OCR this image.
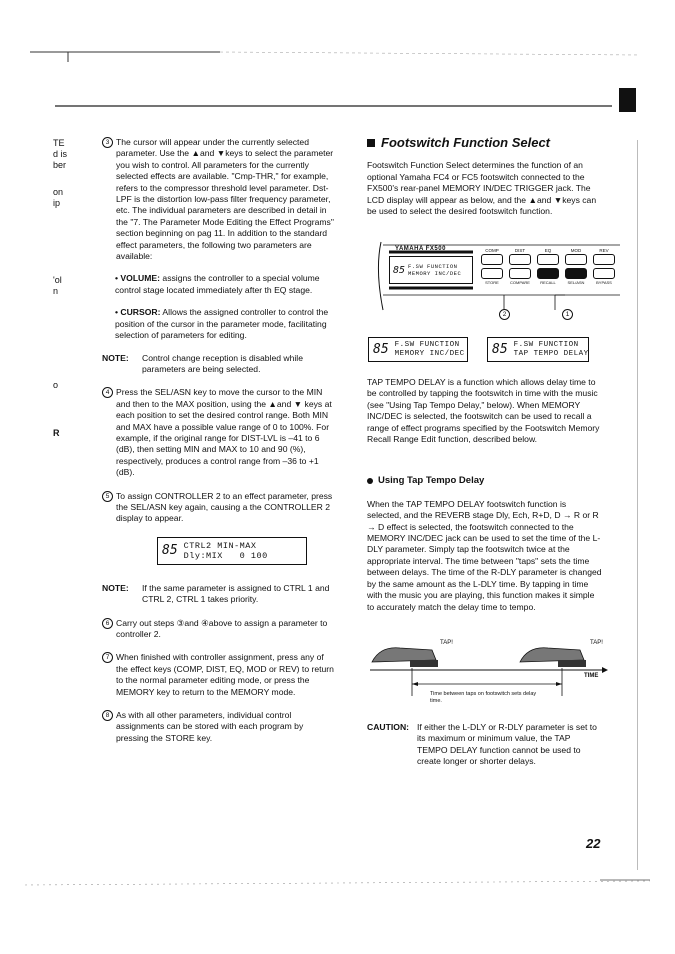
TE
d is
ber
on
ip
'ol
n
o
R
3 The cursor will appear under the currently selected parameter. Use the ▲and ▼keys to select the parameter you wish to control. All parameters for the currently selected effects are available. "Cmp-THR," for example, refers to the compressor threshold level parameter. Dst-LPF is the distortion low-pass filter frequency parameter, etc. The individual parameters are described in detail in the "7. The Parameter Mode Editing the Effect Programs" section beginning on pag 11. In addition to the standard effect parameters, the following two parameters are available:

• VOLUME: assigns the controller to a special volume control stage located immediately after th EQ stage.
• CURSOR: Allows the assigned controller to control the position of the cursor in the parameter mode, facilitating selection of parameters for editing.
NOTE:	Control change reception is disabled while parameters are being selected.
4 Press the SEL/ASN key to move the cursor to the MIN and then to the MAX position, using the ▲and ▼ keys at each position to set the desired control range. Both MIN and MAX have a possible value range of 0 to 100%. For example, if the original range for DIST-LVL is –41 to 6 (dB), then setting MIN and MAX to 10 and 90 (%), respectively, produces a control range from –36 to +1 (dB).

5 To assign CONTROLLER 2 to an effect parameter, press the SEL/ASN key again, causing a the CONTROLLER 2 display to appear.

85 CTRL2 MIN-MAX
Dly:MIX   0 100
NOTE:	If the same parameter is assigned to CTRL 1 and CTRL 2, CTRL 1 takes priority.
6 Carry out steps ③and ④above to assign a parameter to controller 2.

7 When finished with controller assignment, press any of the effect keys (COMP, DIST, EQ, MOD or REV) to return to the normal parameter editing mode, or press the MEMORY key to return to the MEMORY mode.

8 As with all other parameters, individual control assignments can be stored with each program by pressing the STORE key.

Footswitch Function Select

Footswitch Function Select determines the function of an optional Yamaha FC4 or FC5 footswitch connected to the FX500's rear-panel MEMORY IN/DEC TRIGGER jack. The LCD display will appear as below, and the ▲and ▼keys can be used to select the desired footswitch function.

YAMAHA FX500
85 F.SW FUNCTION
MEMORY INC/DEC
COMP	DIST	EQ	MOD	REV
STORE	COMPARE	RECALL	SEL/ASN	BYPASS
2	1
85 F.SW FUNCTION
MEMORY INC/DEC 85 F.SW FUNCTION
TAP TEMPO DELAY

TAP TEMPO DELAY is a function which allows delay time to be controlled by tapping the footswitch in time with the music (see "Using Tap Tempo Delay," below). When MEMORY INC/DEC is selected, the footswitch can be used to recall a range of effect programs specified by the Footswitch Memory Recall Range Edit function, described below.

Using Tap Tempo Delay

When the TAP TEMPO DELAY footswitch function is selected, and the REVERB stage Dly, Ech, R+D, D → R or R → D effect is selected, the footswitch connected to the MEMORY INC/DEC jack can be used to set the time of the L-DLY parameter. Simply tap the footswitch twice at the appropriate interval. The time between "taps" sets the time between delays. The time of the R-DLY parameter is changed by the same amount as the L-DLY time. By tapping in time with the music you are playing, this function makes it simple to accurately match the delay time to tempo.

TAP!	TAP!
TIME
Time between taps on footswitch sets delay time.
CAUTION: If either the L-DLY or R-DLY parameter is set to its maximum or minimum value, the TAP TEMPO DELAY function cannot be used to create longer or shorter delays.
22
